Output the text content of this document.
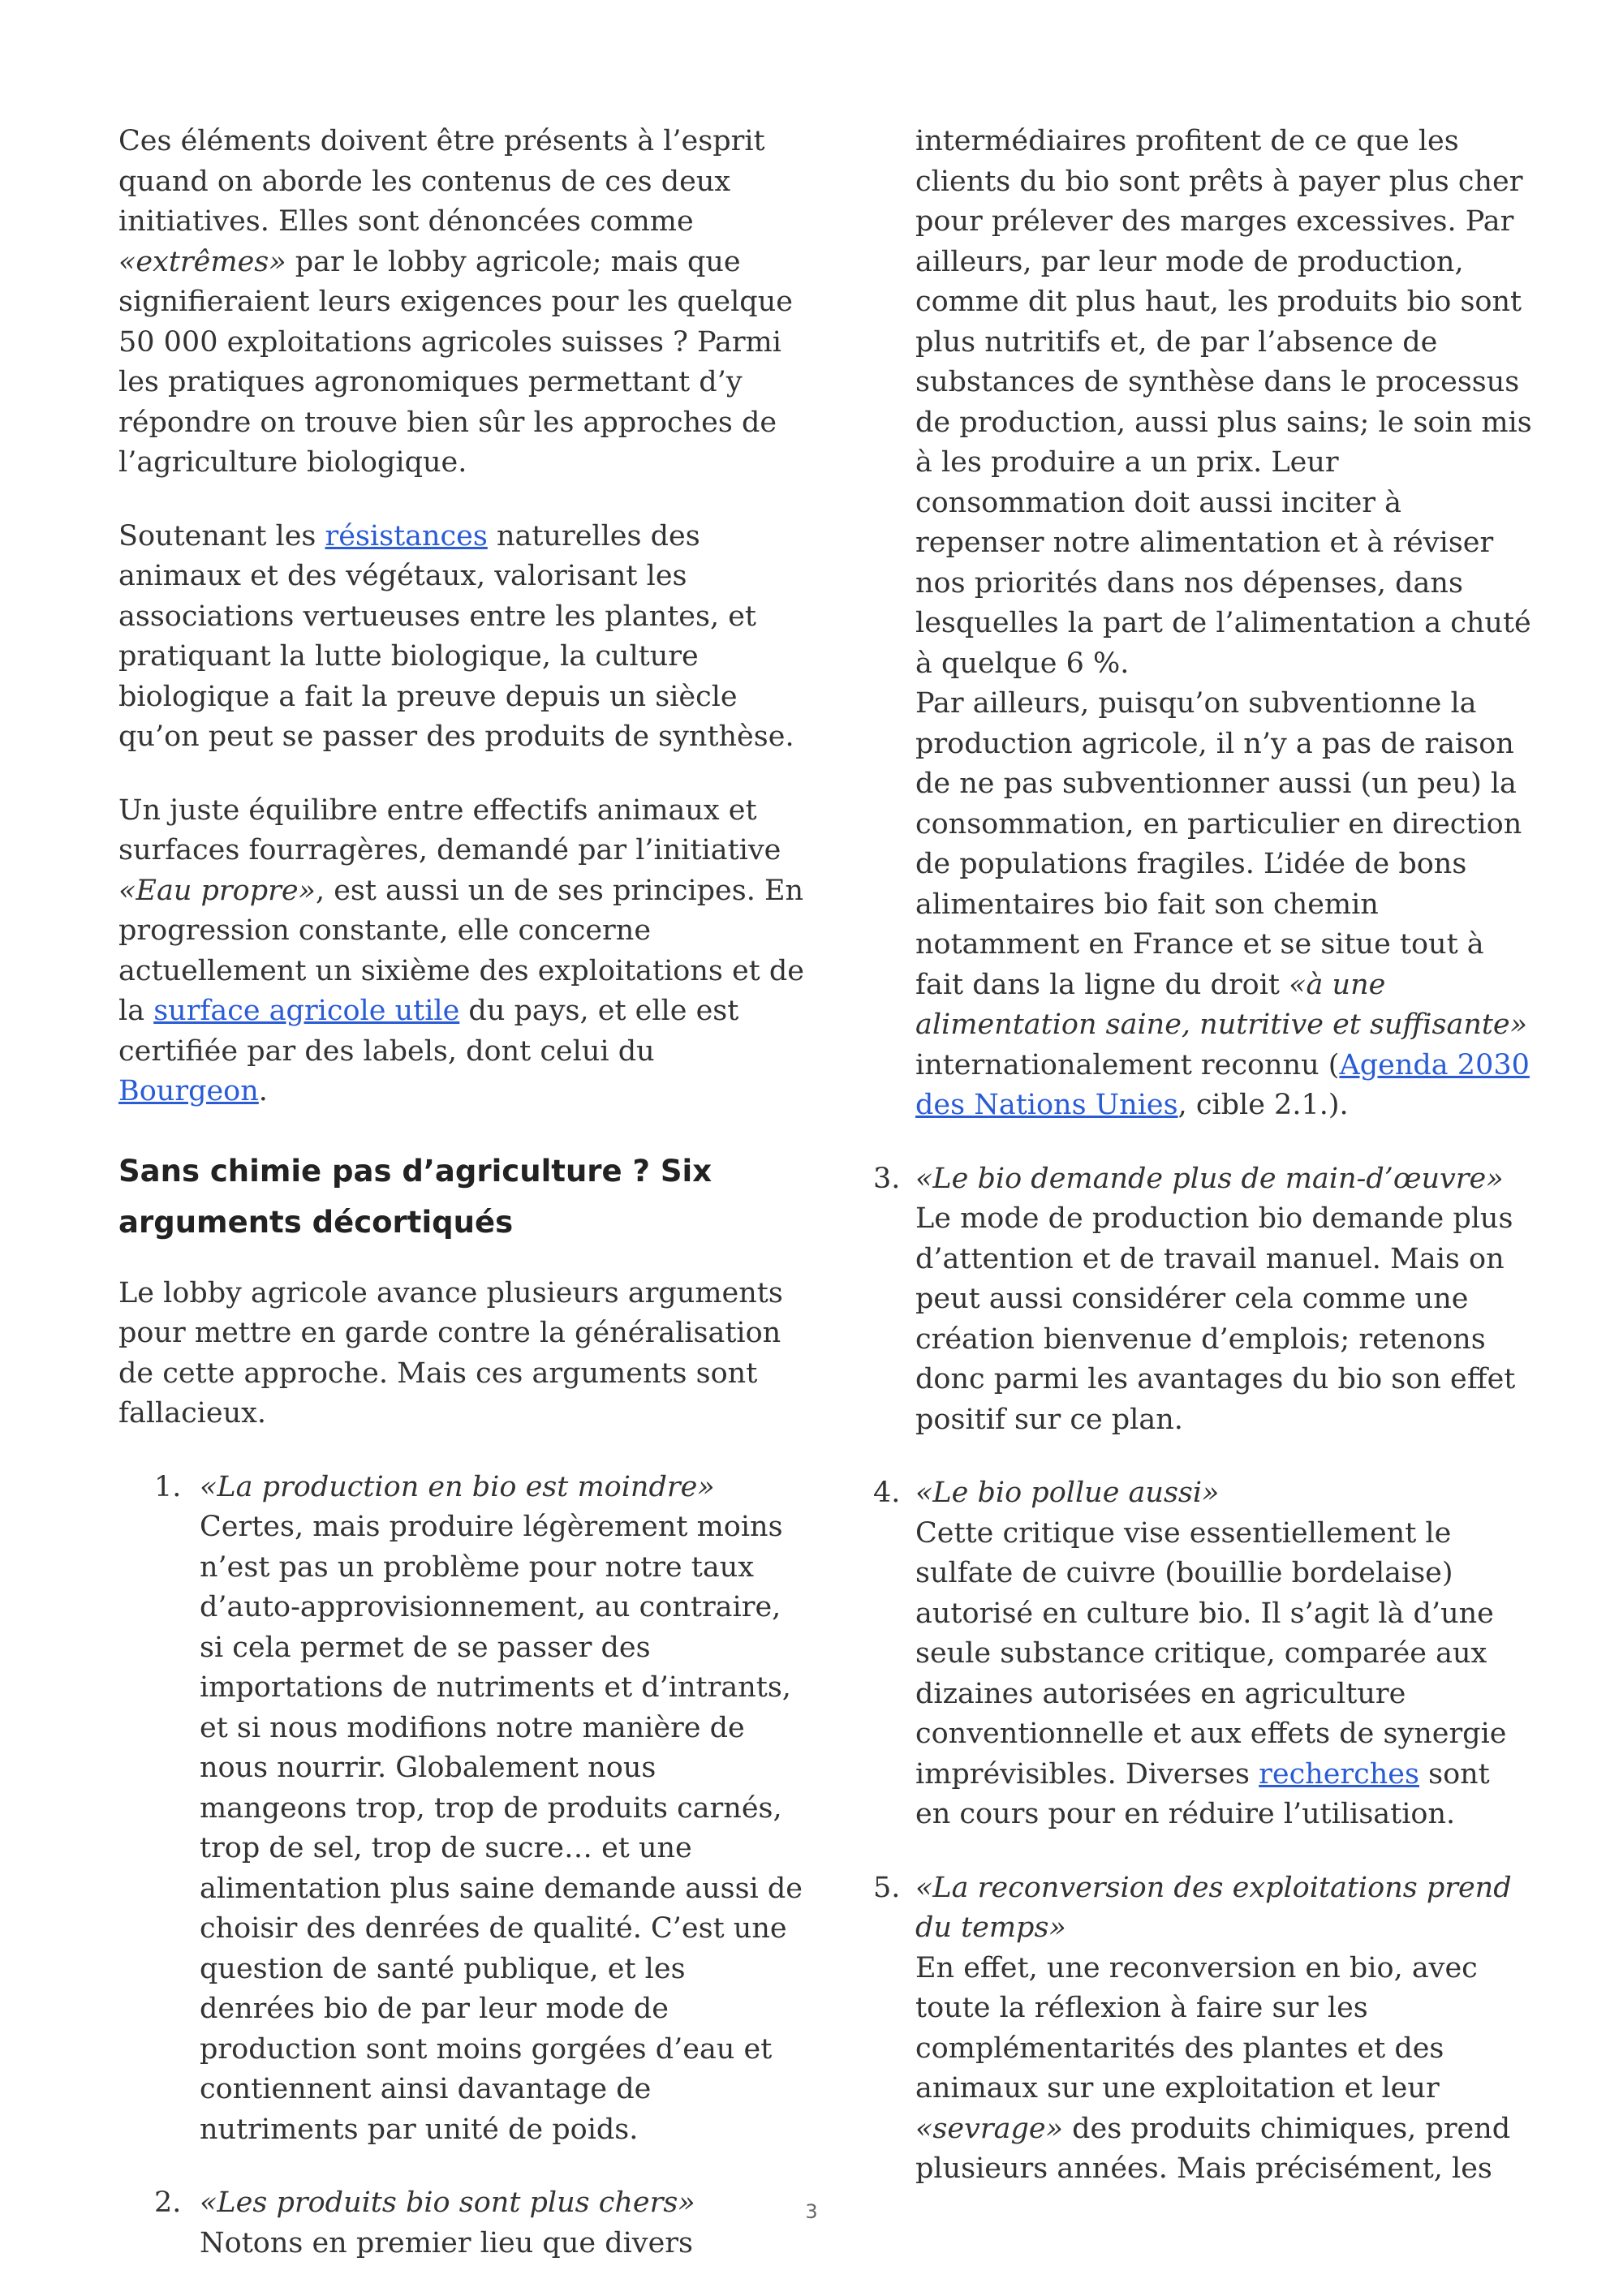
Ces éléments doivent être présents à l’esprit quand on aborde les contenus de ces deux initiatives. Elles sont dénoncées comme «extrêmes» par le lobby agricole; mais que signifieraient leurs exigences pour les quelque 50 000 exploitations agricoles suisses ? Parmi les pratiques agronomiques permettant d’y répondre on trouve bien sûr les approches de l’agriculture biologique.

Soutenant les résistances naturelles des animaux et des végétaux, valorisant les associations vertueuses entre les plantes, et pratiquant la lutte biologique, la culture biologique a fait la preuve depuis un siècle qu’on peut se passer des produits de synthèse.

Un juste équilibre entre effectifs animaux et surfaces fourragères, demandé par l’initiative «Eau propre», est aussi un de ses principes. En progression constante, elle concerne actuellement un sixième des exploitations et de la surface agricole utile du pays, et elle est certifiée par des labels, dont celui du Bourgeon.

Sans chimie pas d’agriculture ? Six arguments décortiqués

Le lobby agricole avance plusieurs arguments pour mettre en garde contre la généralisation de cette approche. Mais ces arguments sont fallacieux.

1. «La production en bio est moindre»

Certes, mais produire légèrement moins n’est pas un problème pour notre taux d’auto-approvisionnement, au contraire, si cela permet de se passer des importations de nutriments et d’intrants, et si nous modifions notre manière de nous nourrir. Globalement nous mangeons trop, trop de produits carnés, trop de sel, trop de sucre… et une alimentation plus saine demande aussi de choisir des denrées de qualité. C’est une question de santé publique, et les denrées bio de par leur mode de production sont moins gorgées d’eau et contiennent ainsi davantage de nutriments par unité de poids.

2. «Les produits bio sont plus chers»

Notons en premier lieu que divers

intermédiaires profitent de ce que les clients du bio sont prêts à payer plus cher pour prélever des marges excessives. Par ailleurs, par leur mode de production, comme dit plus haut, les produits bio sont plus nutritifs et, de par l’absence de substances de synthèse dans le processus de production, aussi plus sains; le soin mis à les produire a un prix. Leur consommation doit aussi inciter à repenser notre alimentation et à réviser nos priorités dans nos dépenses, dans lesquelles la part de l’alimentation a chuté à quelque 6 %.

Par ailleurs, puisqu’on subventionne la production agricole, il n’y a pas de raison de ne pas subventionner aussi (un peu) la consommation, en particulier en direction de populations fragiles. L’idée de bons alimentaires bio fait son chemin notamment en France et se situe tout à fait dans la ligne du droit «à une alimentation saine, nutritive et suffisante» internationalement reconnu (Agenda 2030 des Nations Unies, cible 2.1.).

3. «Le bio demande plus de main-d’œuvre»

Le mode de production bio demande plus d’attention et de travail manuel. Mais on peut aussi considérer cela comme une création bienvenue d’emplois; retenons donc parmi les avantages du bio son effet positif sur ce plan.

4. «Le bio pollue aussi»

Cette critique vise essentiellement le sulfate de cuivre (bouillie bordelaise) autorisé en culture bio. Il s’agit là d’une seule substance critique, comparée aux dizaines autorisées en agriculture conventionnelle et aux effets de synergie imprévisibles. Diverses recherches sont en cours pour en réduire l’utilisation.

5. «La reconversion des exploitations prend du temps»

En effet, une reconversion en bio, avec toute la réflexion à faire sur les complémentarités des plantes et des animaux sur une exploitation et leur «sevrage» des produits chimiques, prend plusieurs années. Mais précisément, les

3
